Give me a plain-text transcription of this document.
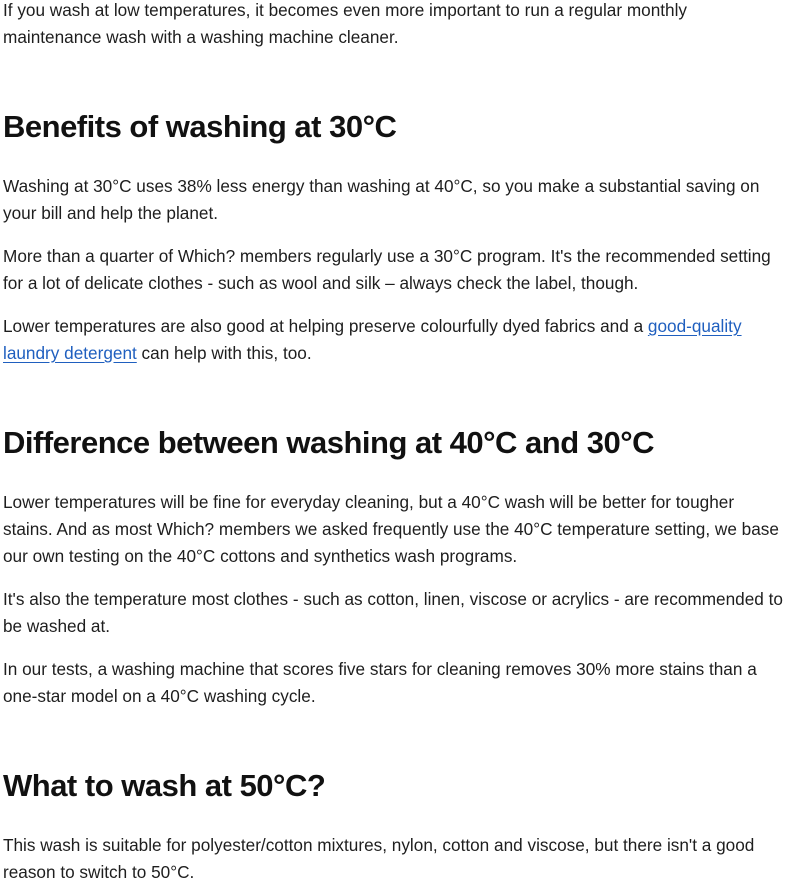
If you wash at low temperatures, it becomes even more important to run a regular monthly maintenance wash with a washing machine cleaner.

Benefits of washing at 30°C

Washing at 30°C uses 38% less energy than washing at 40°C, so you make a substantial saving on your bill and help the planet.

More than a quarter of Which? members regularly use a 30°C program. It's the recommended setting for a lot of delicate clothes - such as wool and silk – always check the label, though.

Lower temperatures are also good at helping preserve colourfully dyed fabrics and a good-quality laundry detergent can help with this, too.

Difference between washing at 40°C and 30°C

Lower temperatures will be fine for everyday cleaning, but a 40°C wash will be better for tougher stains. And as most Which? members we asked frequently use the 40°C temperature setting, we base our own testing on the 40°C cottons and synthetics wash programs.

It's also the temperature most clothes - such as cotton, linen, viscose or acrylics - are recommended to be washed at.

In our tests, a washing machine that scores five stars for cleaning removes 30% more stains than a one-star model on a 40°C washing cycle.

What to wash at 50°C?

This wash is suitable for polyester/cotton mixtures, nylon, cotton and viscose, but there isn't a good reason to switch to 50°C.
